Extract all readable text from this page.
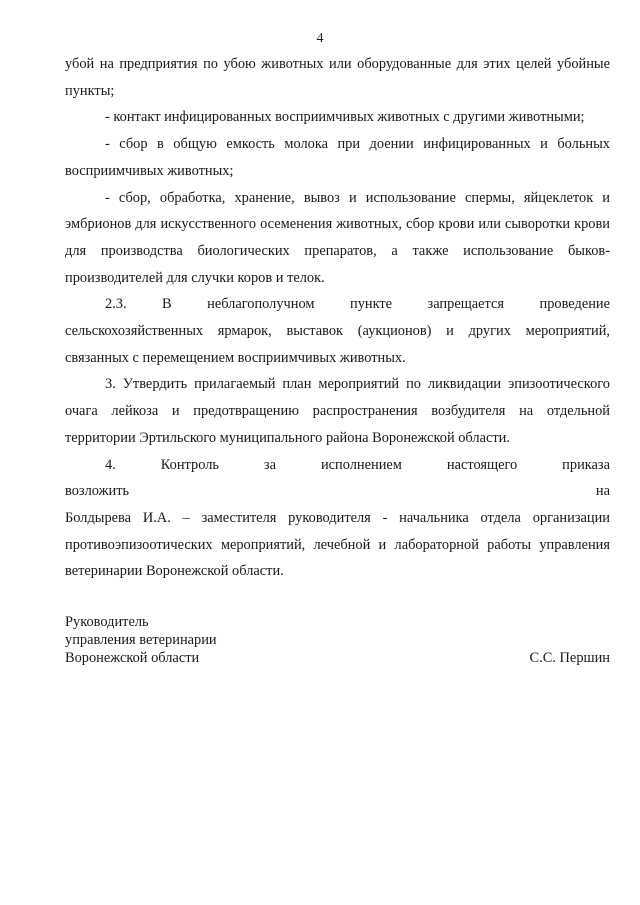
4

убой на предприятия по убою животных или оборудованные для этих целей убойные пункты;

- контакт инфицированных восприимчивых животных с другими животными;

- сбор в общую емкость молока при доении инфицированных и больных восприимчивых животных;

- сбор, обработка, хранение, вывоз и использование спермы, яйцеклеток и эмбрионов для искусственного осеменения животных, сбор крови или сыворотки крови для производства биологических препаратов, а также использование быков-производителей для случки коров и телок.

2.3. В неблагополучном пункте запрещается проведение

сельскохозяйственных ярмарок, выставок (аукционов) и других мероприятий, связанных с перемещением восприимчивых животных.

3. Утвердить прилагаемый план мероприятий по ликвидации эпизоотического очага лейкоза и предотвращению распространения возбудителя на отдельной территории Эртильского муниципального района Воронежской области.

4. Контроль за исполнением настоящего приказа возложить на

Болдырева И.А. – заместителя руководителя - начальника отдела организации противоэпизоотических мероприятий, лечебной и лабораторной работы управления ветеринарии Воронежской области.

Руководитель
управления ветеринарии
Воронежской области	С.С. Першин
